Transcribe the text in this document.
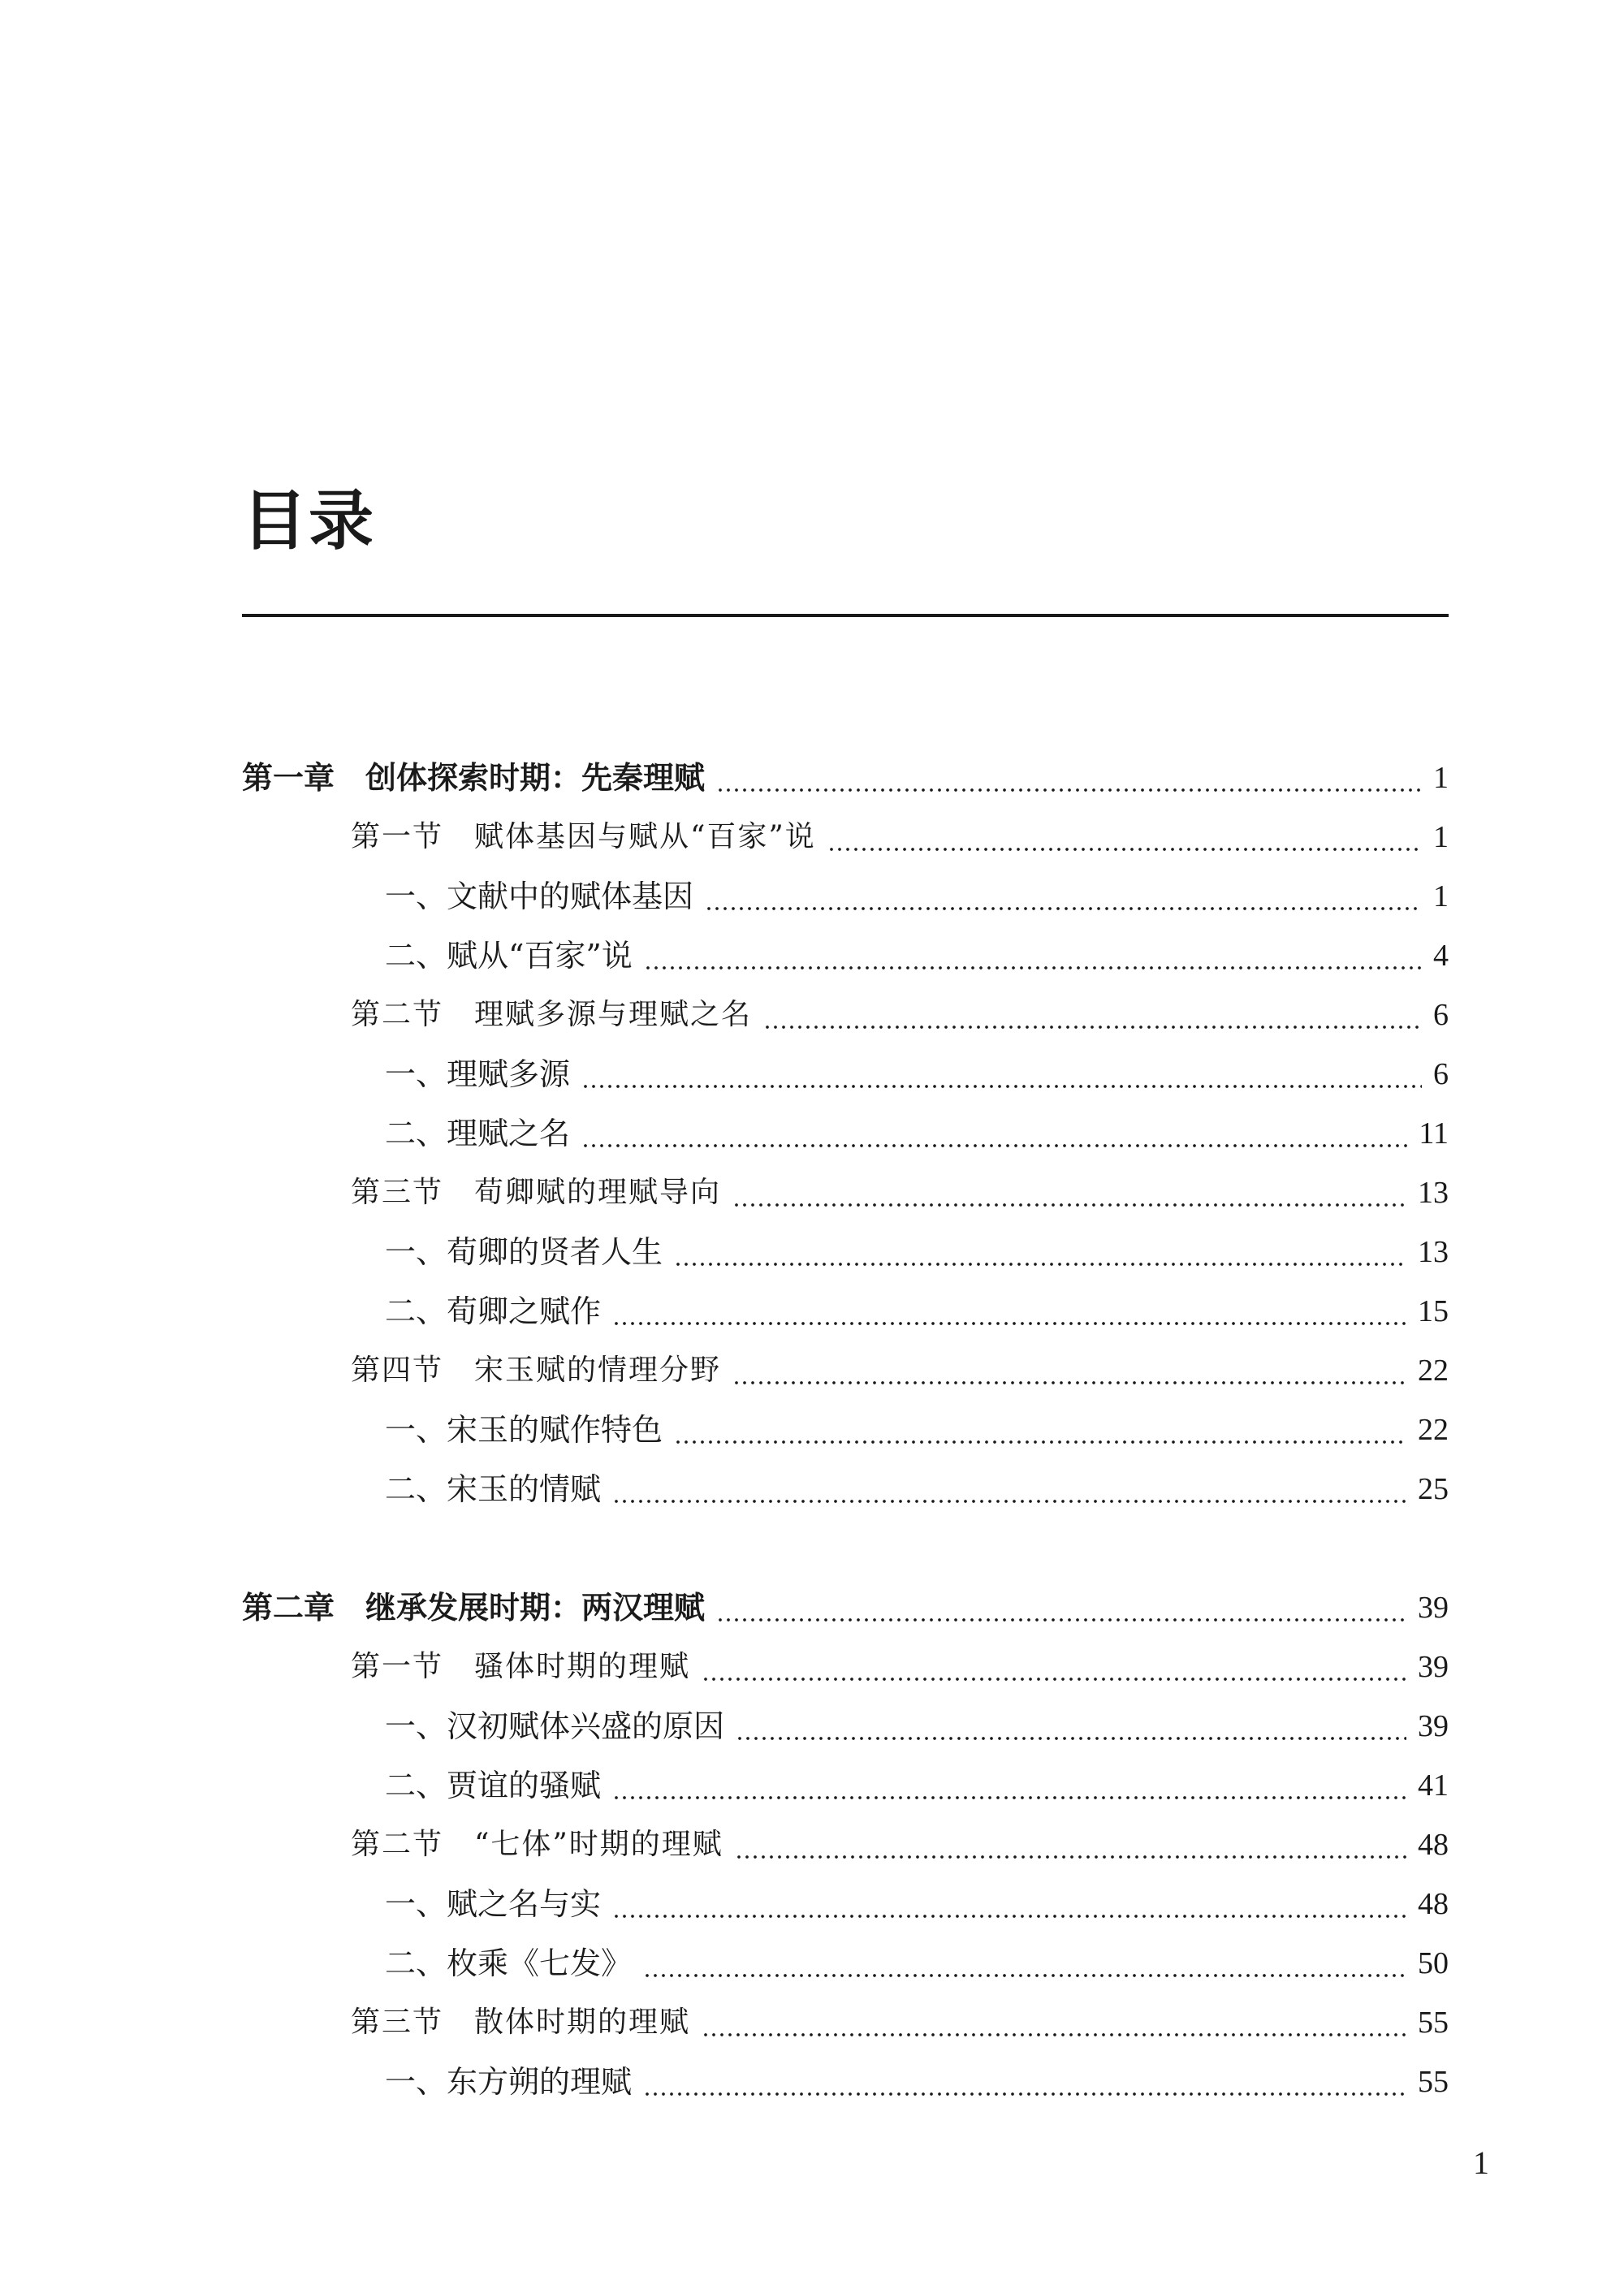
目录
第一章　创体探索时期：先秦理赋	1
第一节　赋体基因与赋从“百家”说	1
一、文献中的赋体基因	1
二、赋从“百家”说	4
第二节　理赋多源与理赋之名	6
一、理赋多源	6
二、理赋之名	11
第三节　荀卿赋的理赋导向	13
一、荀卿的贤者人生	13
二、荀卿之赋作	15
第四节　宋玉赋的情理分野	22
一、宋玉的赋作特色	22
二、宋玉的情赋	25
第二章　继承发展时期：两汉理赋	39
第一节　骚体时期的理赋	39
一、汉初赋体兴盛的原因	39
二、贾谊的骚赋	41
第二节　“七体”时期的理赋	48
一、赋之名与实	48
二、枚乘《七发》	50
第三节　散体时期的理赋	55
一、东方朔的理赋	55
1
